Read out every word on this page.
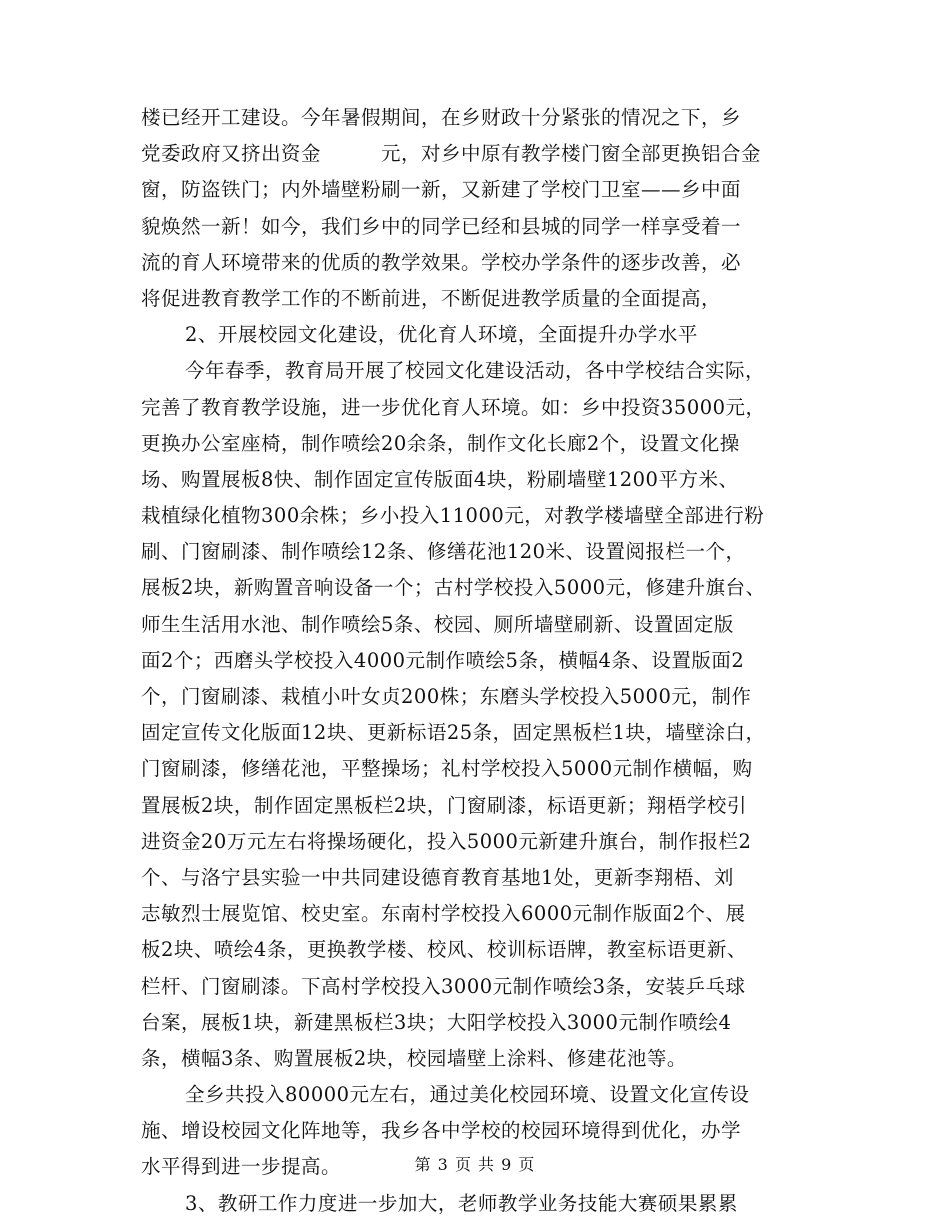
楼已经开工建设。今年暑假期间，在乡财政十分紧张的情况之下，乡
党委政府又挤出资金　　　元，对乡中原有教学楼门窗全部更换铝合金
窗，防盗铁门；内外墙壁粉刷一新，又新建了学校门卫室——乡中面
貌焕然一新！如今，我们乡中的同学已经和县城的同学一样享受着一
流的育人环境带来的优质的教学效果。学校办学条件的逐步改善，必
将促进教育教学工作的不断前进，不断促进教学质量的全面提高，
2、开展校园文化建设，优化育人环境，全面提升办学水平
今年春季，教育局开展了校园文化建设活动，各中学校结合实际，
完善了教育教学设施，进一步优化育人环境。如：乡中投资35000元，
更换办公室座椅，制作喷绘20余条，制作文化长廊2个，设置文化操
场、购置展板8快、制作固定宣传版面4块，粉刷墙壁1200平方米、
栽植绿化植物300余株；乡小投入11000元，对教学楼墙壁全部进行粉
刷、门窗刷漆、制作喷绘12条、修缮花池120米、设置阅报栏一个，
展板2块，新购置音响设备一个；古村学校投入5000元，修建升旗台、
师生生活用水池、制作喷绘5条、校园、厕所墙壁刷新、设置固定版
面2个；西磨头学校投入4000元制作喷绘5条，横幅4条、设置版面2
个，门窗刷漆、栽植小叶女贞200株；东磨头学校投入5000元，制作
固定宣传文化版面12块、更新标语25条，固定黑板栏1块，墙壁涂白，
门窗刷漆，修缮花池，平整操场；礼村学校投入5000元制作横幅，购
置展板2块，制作固定黑板栏2块，门窗刷漆，标语更新；翔梧学校引
进资金20万元左右将操场硬化，投入5000元新建升旗台，制作报栏2
个、与洛宁县实验一中共同建设德育教育基地1处，更新李翔梧、刘
志敏烈士展览馆、校史室。东南村学校投入6000元制作版面2个、展
板2块、喷绘4条，更换教学楼、校风、校训标语牌，教室标语更新、
栏杆、门窗刷漆。下高村学校投入3000元制作喷绘3条，安装乒乓球
台案，展板1块，新建黑板栏3块；大阳学校投入3000元制作喷绘4
条，横幅3条、购置展板2块，校园墙壁上涂料、修建花池等。
全乡共投入80000元左右，通过美化校园环境、设置文化宣传设
施、增设校园文化阵地等，我乡各中学校的校园环境得到优化，办学
水平得到进一步提高。
3、教研工作力度进一步加大，老师教学业务技能大赛硕果累累
第 3 页 共 9 页
